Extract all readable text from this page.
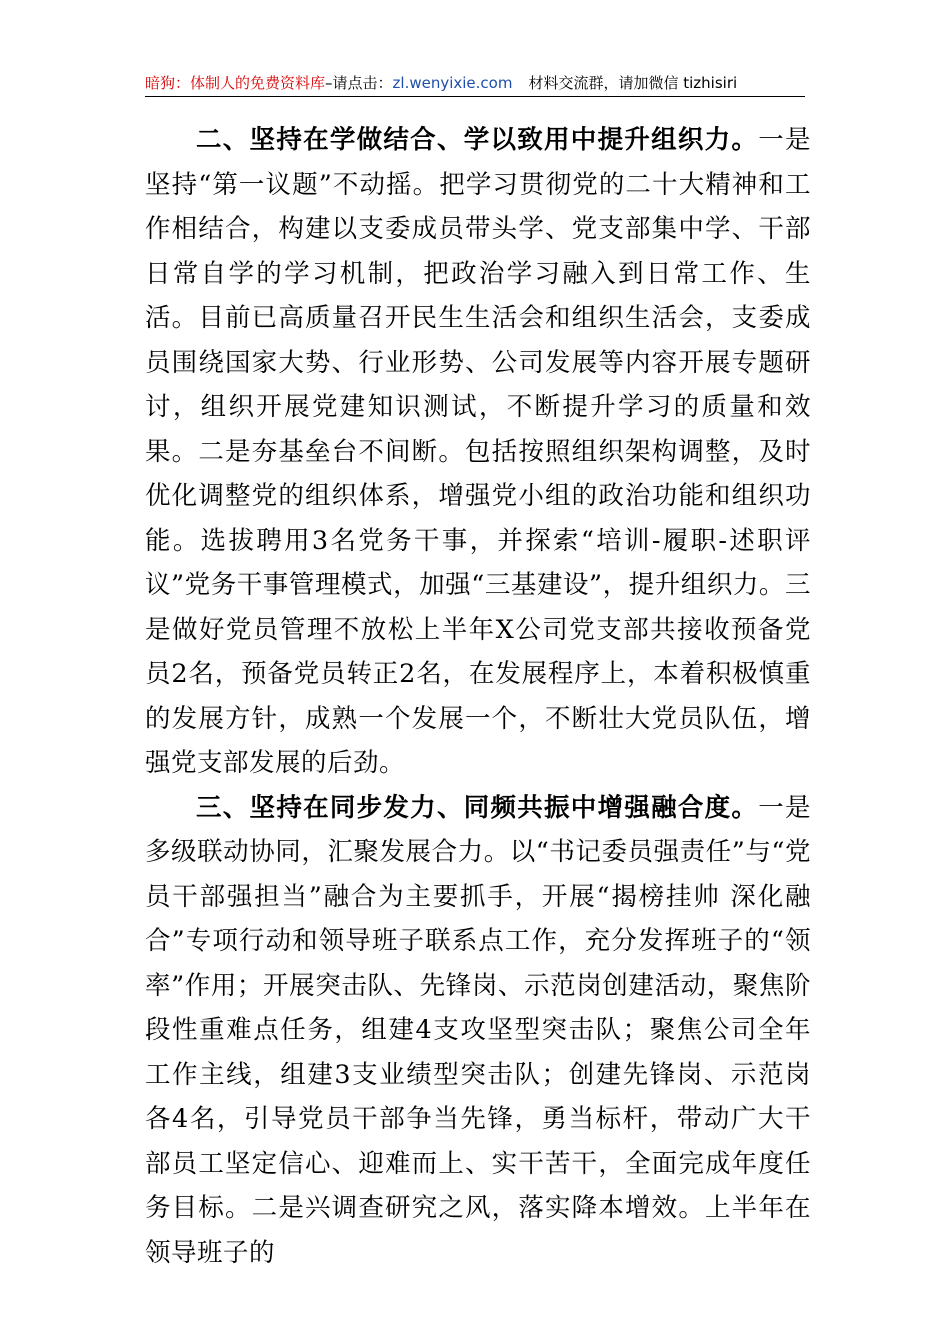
暗狗：体制人的免费资料库–请点击：zl.wenyixie.com 材料交流群，请加微信 tizhisiri

二、坚持在学做结合、学以致用中提升组织力。一是坚持“第一议题”不动摇。把学习贯彻党的二十大精神和工作相结合，构建以支委成员带头学、党支部集中学、干部日常自学的学习机制，把政治学习融入到日常工作、生活。目前已高质量召开民生生活会和组织生活会，支委成员围绕国家大势、行业形势、公司发展等内容开展专题研讨，组织开展党建知识测试，不断提升学习的质量和效果。二是夯基垒台不间断。包括按照组织架构调整，及时优化调整党的组织体系，增强党小组的政治功能和组织功能。选拔聘用3名党务干事，并探索“培训-履职-述职评议”党务干事管理模式，加强“三基建设”，提升组织力。三是做好党员管理不放松上半年X公司党支部共接收预备党员2名，预备党员转正2名，在发展程序上，本着积极慎重的发展方针，成熟一个发展一个，不断壮大党员队伍，增强党支部发展的后劲。

三、坚持在同步发力、同频共振中增强融合度。一是多级联动协同，汇聚发展合力。以“书记委员强责任”与“党员干部强担当”融合为主要抓手，开展“揭榜挂帅 深化融合”专项行动和领导班子联系点工作，充分发挥班子的“领率”作用；开展突击队、先锋岗、示范岗创建活动，聚焦阶段性重难点任务，组建4支攻坚型突击队；聚焦公司全年工作主线，组建3支业绩型突击队；创建先锋岗、示范岗各4名，引导党员干部争当先锋，勇当标杆，带动广大干部员工坚定信心、迎难而上、实干苦干，全面完成年度任务目标。二是兴调查研究之风，落实降本增效。上半年在领导班子的
